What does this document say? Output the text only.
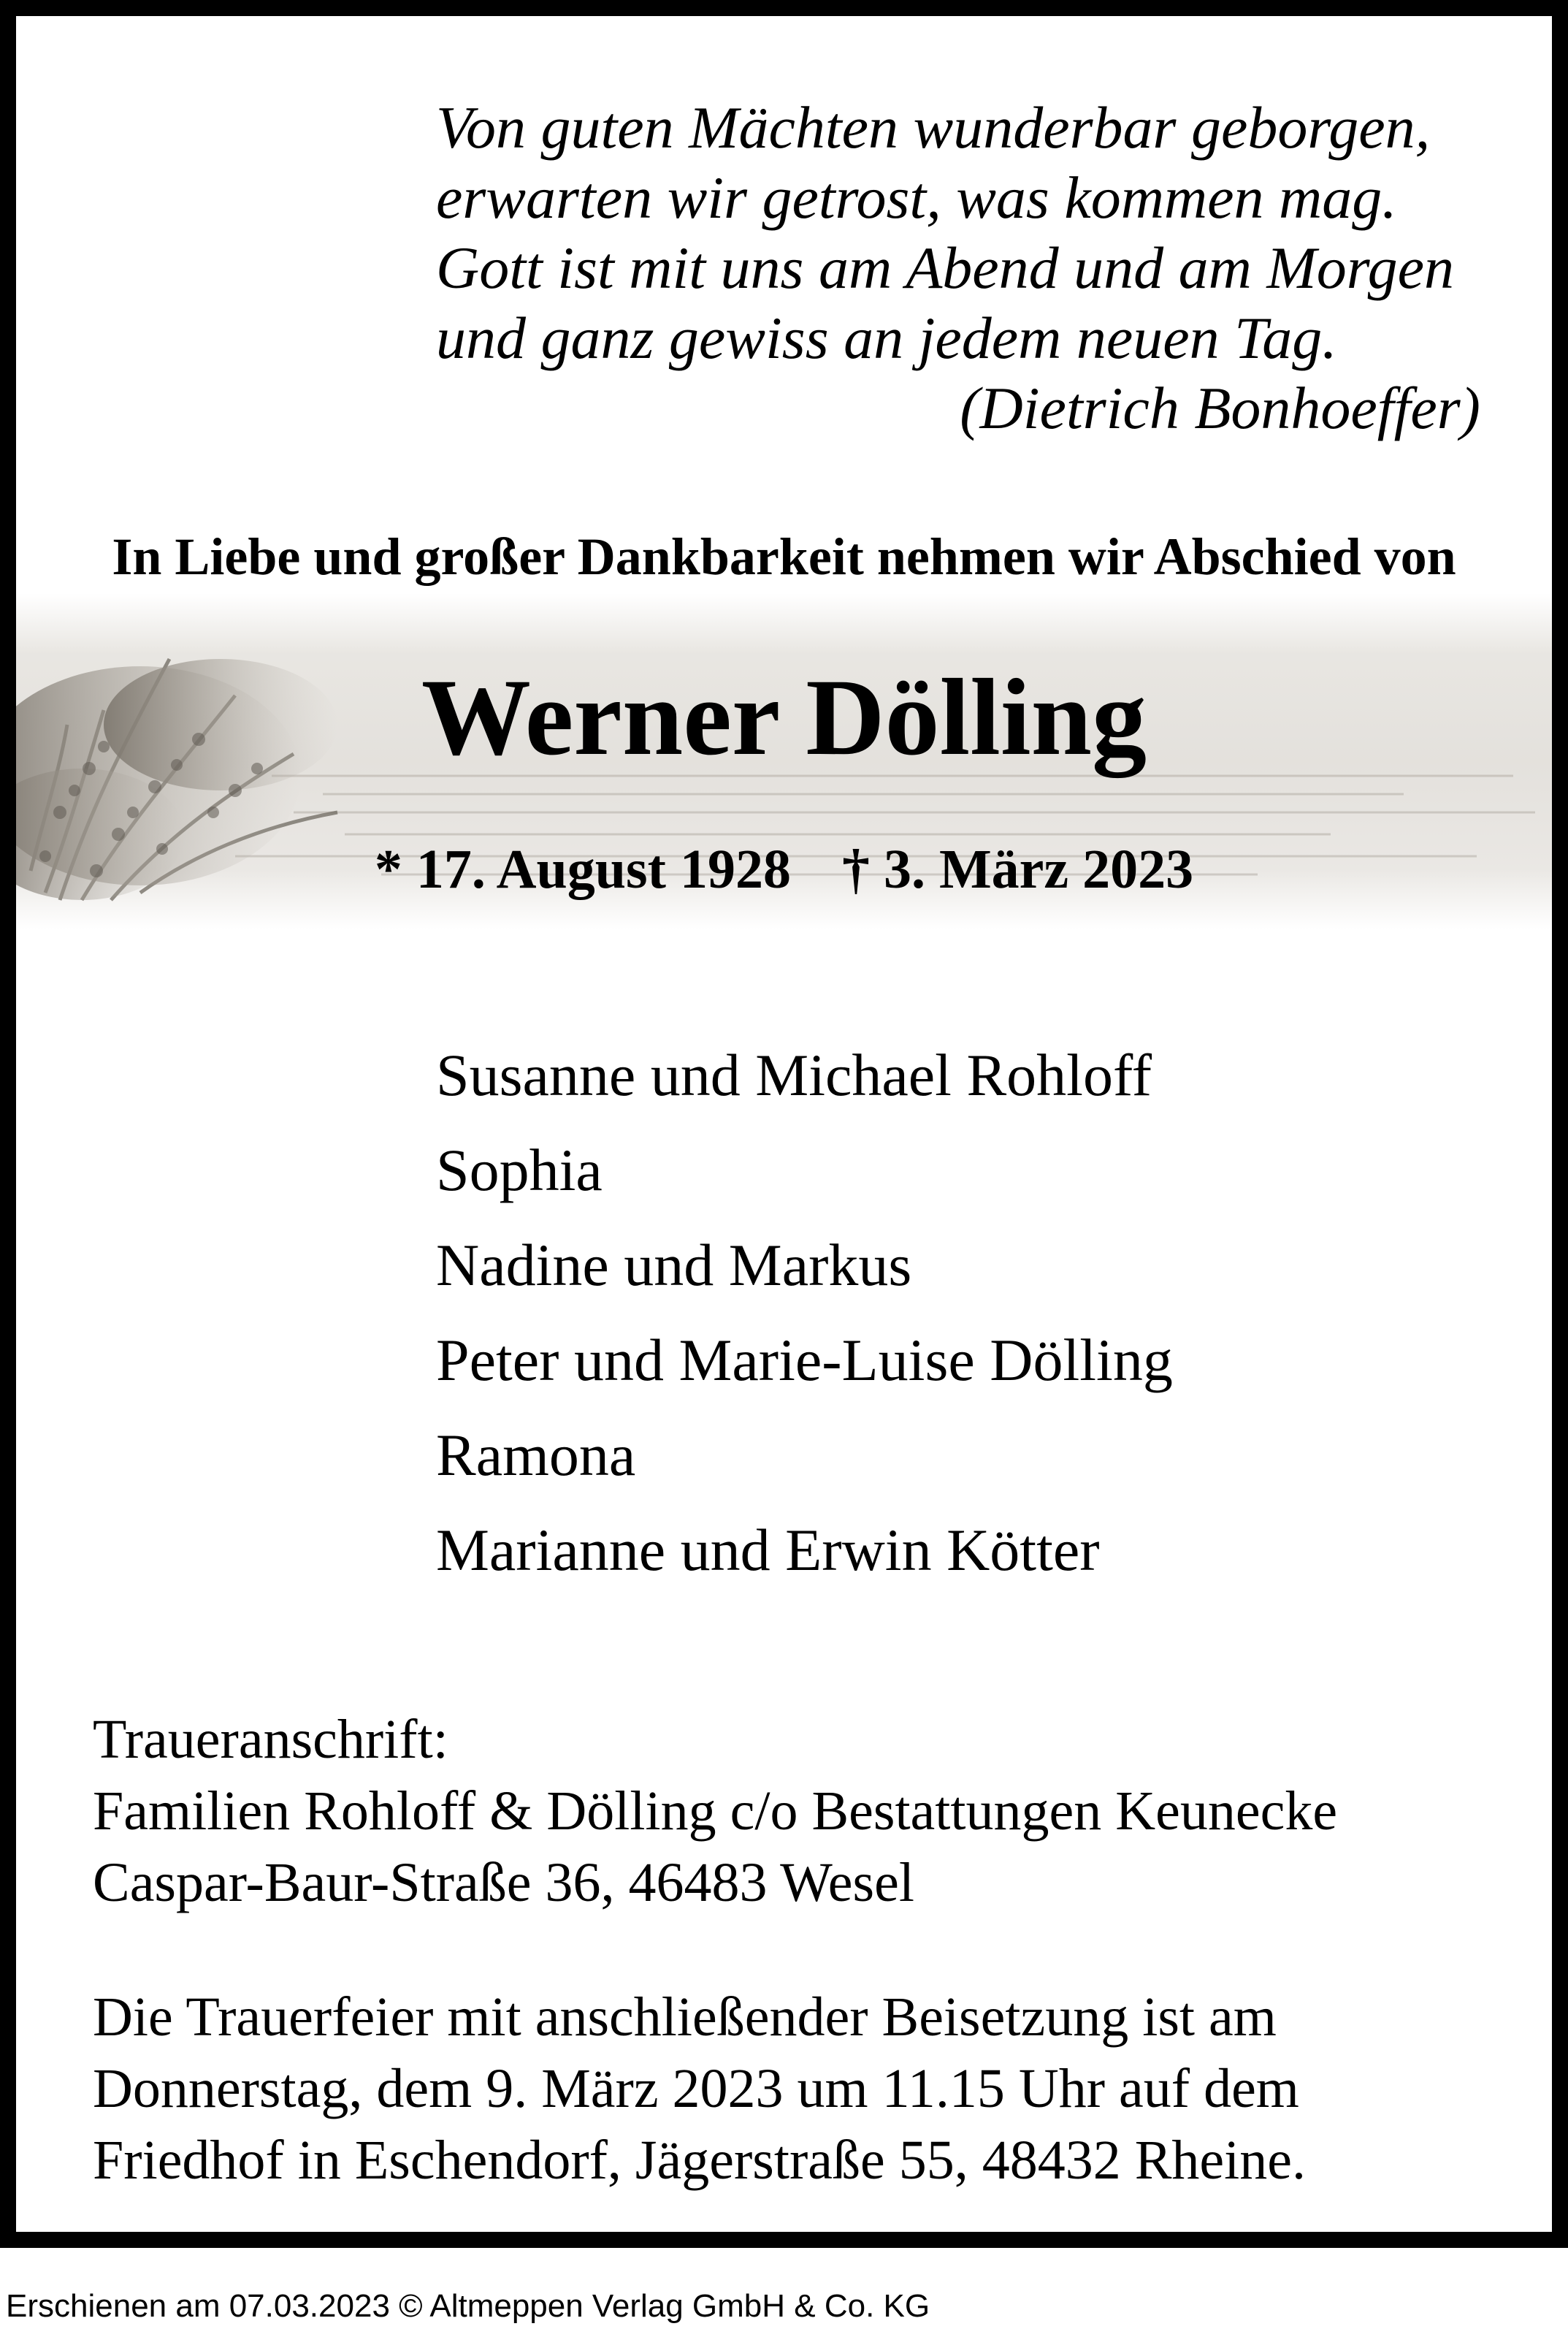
Von guten Mächten wunderbar geborgen,
erwarten wir getrost, was kommen mag.
Gott ist mit uns am Abend und am Morgen
und ganz gewiss an jedem neuen Tag.
(Dietrich Bonhoeffer)
In Liebe und großer Dankbarkeit nehmen wir Abschied von
Werner Dölling
* 17. August 1928 † 3. März 2023
Susanne und Michael Rohloff
Sophia
Nadine und Markus
Peter und Marie-Luise Dölling
Ramona
Marianne und Erwin Kötter
Traueranschrift:
Familien Rohloff & Dölling c/o Bestattungen Keunecke
Caspar-Baur-Straße 36, 46483 Wesel
Die Trauerfeier mit anschließender Beisetzung ist am
Donnerstag, dem 9. März 2023 um 11.15 Uhr auf dem
Friedhof in Eschendorf, Jägerstraße 55, 48432 Rheine.
Erschienen am 07.03.2023 © Altmeppen Verlag GmbH & Co. KG
